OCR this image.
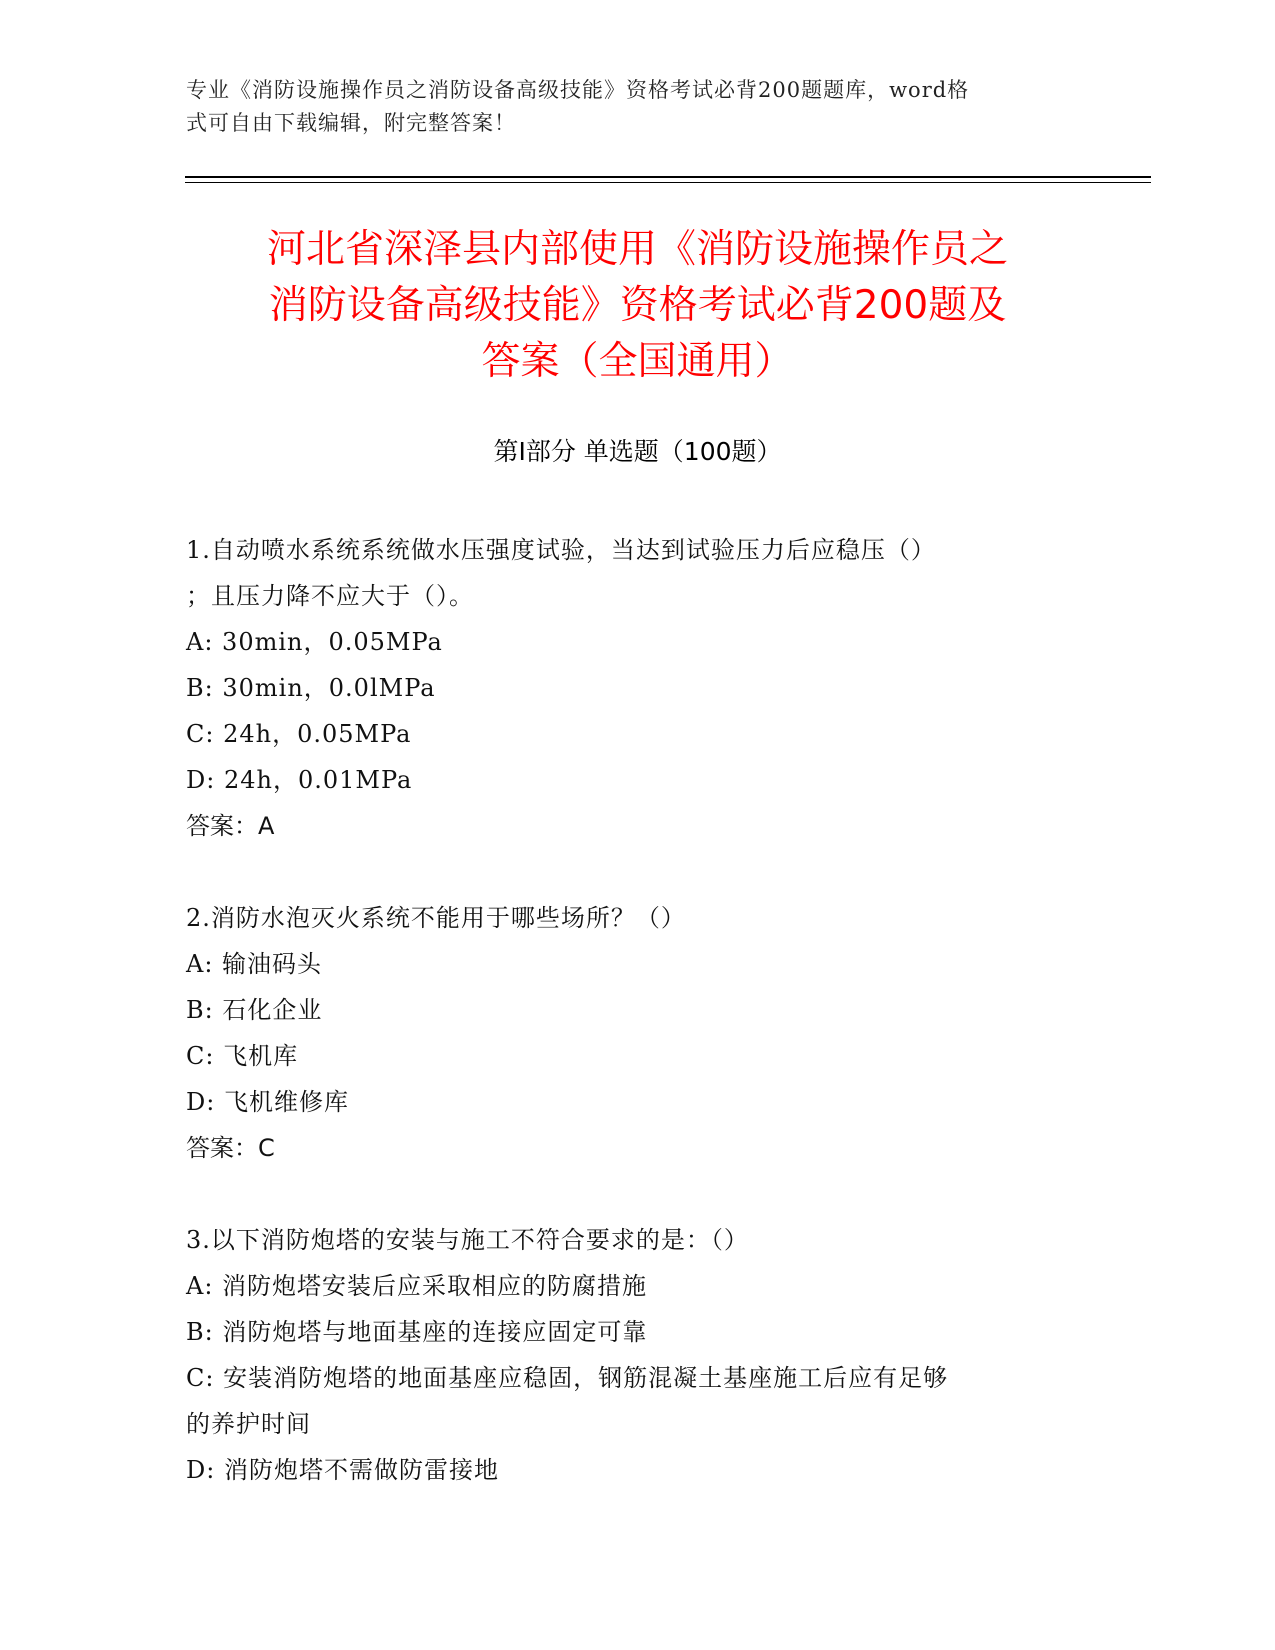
专业《消防设施操作员之消防设备高级技能》资格考试必背200题题库，word格
式可自由下载编辑，附完整答案！
河北省深泽县内部使用《消防设施操作员之
消防设备高级技能》资格考试必背200题及
答案（全国通用）
第Ⅰ部分 单选题（100题）
1.自动喷水系统系统做水压强度试验，当达到试验压力后应稳压（）
；且压力降不应大于（）。
A: 30min，0.05MPa
B: 30min，0.0lMPa
C: 24h，0.05MPa
D: 24h，0.01MPa
答案：A
2.消防水泡灭火系统不能用于哪些场所？（）
A: 输油码头
B: 石化企业
C: 飞机库
D: 飞机维修库
答案：C
3.以下消防炮塔的安装与施工不符合要求的是：（）
A: 消防炮塔安装后应采取相应的防腐措施
B: 消防炮塔与地面基座的连接应固定可靠
C: 安装消防炮塔的地面基座应稳固，钢筋混凝土基座施工后应有足够
的养护时间
D: 消防炮塔不需做防雷接地
